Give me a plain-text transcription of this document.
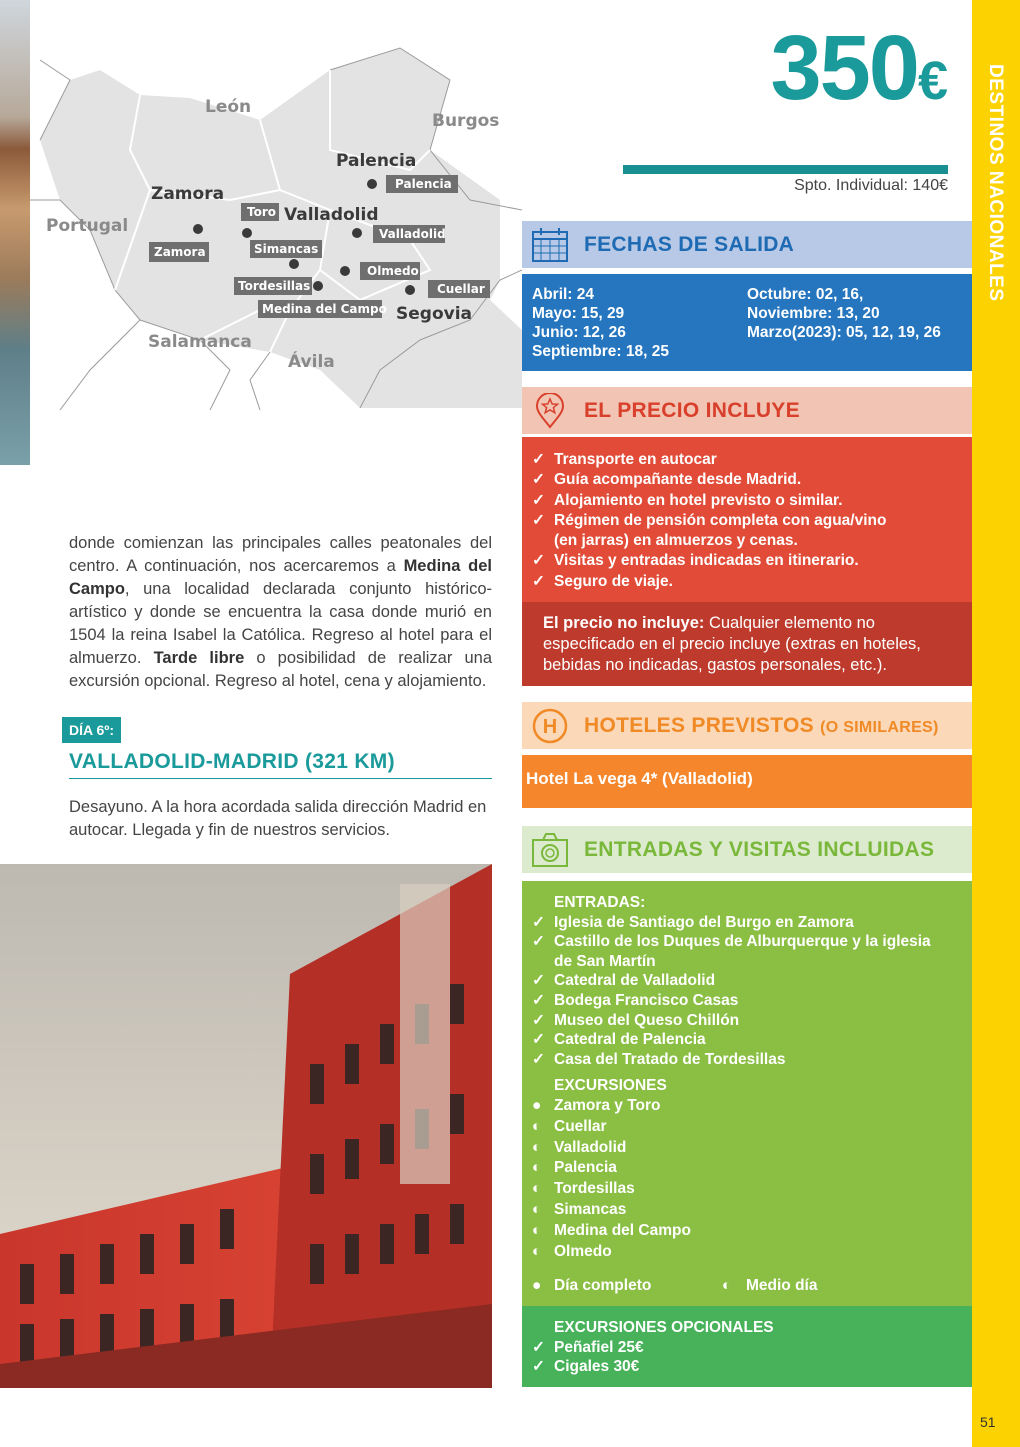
León
Burgos
Portugal
Salamanca
Ávila
Zamora
Palencia
Valladolid
Segovia
Palencia
Toro
Valladolid
Zamora	Simancas
Olmedo
Tordesillas	Cuellar
Medina del Campo
350€
Spto. Individual: 140€
FECHAS DE SALIDA
Abril: 24
Mayo: 15, 29
Junio: 12, 26
Septiembre: 18, 25
Octubre: 02, 16,
Noviembre: 13, 20
Marzo(2023): 05, 12, 19, 26
EL PRECIO INCLUYE
✓ Transporte en autocar
✓ Guía acompañante desde Madrid.
✓ Alojamiento en hotel previsto o similar.
✓ Régimen de pensión completa con agua/vino
(en jarras) en almuerzos y cenas.
✓ Visitas y entradas indicadas en itinerario.
✓ Seguro de viaje.
El precio no incluye: Cualquier elemento no especificado en el precio incluye (extras en hoteles, bebidas no indicadas, gastos personales, etc.).
H HOTELES PREVISTOS (O SIMILARES)
Hotel La vega 4* (Valladolid)
ENTRADAS Y VISITAS INCLUIDAS
ENTRADAS:
✓ Iglesia de Santiago del Burgo en Zamora
✓ Castillo de los Duques de Alburquerque y la iglesia
de San Martín
✓ Catedral de Valladolid
✓ Bodega Francisco Casas
✓ Museo del Queso Chillón
✓ Catedral de Palencia
✓ Casa del Tratado de Tordesillas
EXCURSIONES
● Zamora y Toro
◐ Cuellar
◐ Valladolid
◐ Palencia
◐ Tordesillas
◐ Simancas
◐ Medina del Campo
◐ Olmedo
● Día completo	◐ Medio día
EXCURSIONES OPCIONALES
✓ Peñafiel 25€
✓ Cigales 30€
DESTINOS NACIONALES
51
donde comienzan las principales calles peatonales del centro. A continuación, nos acercaremos a Medina del Campo, una localidad declarada conjunto histórico-artístico y donde se encuentra la casa donde murió en 1504 la reina Isabel la Católica. Regreso al hotel para el almuerzo. Tarde libre o posibilidad de realizar una excursión opcional. Regreso al hotel, cena y alojamiento.
DÍA 6º:
VALLADOLID-MADRID (321 KM)
Desayuno. A la hora acordada salida dirección Madrid en autocar. Llegada y fin de nuestros servicios.
